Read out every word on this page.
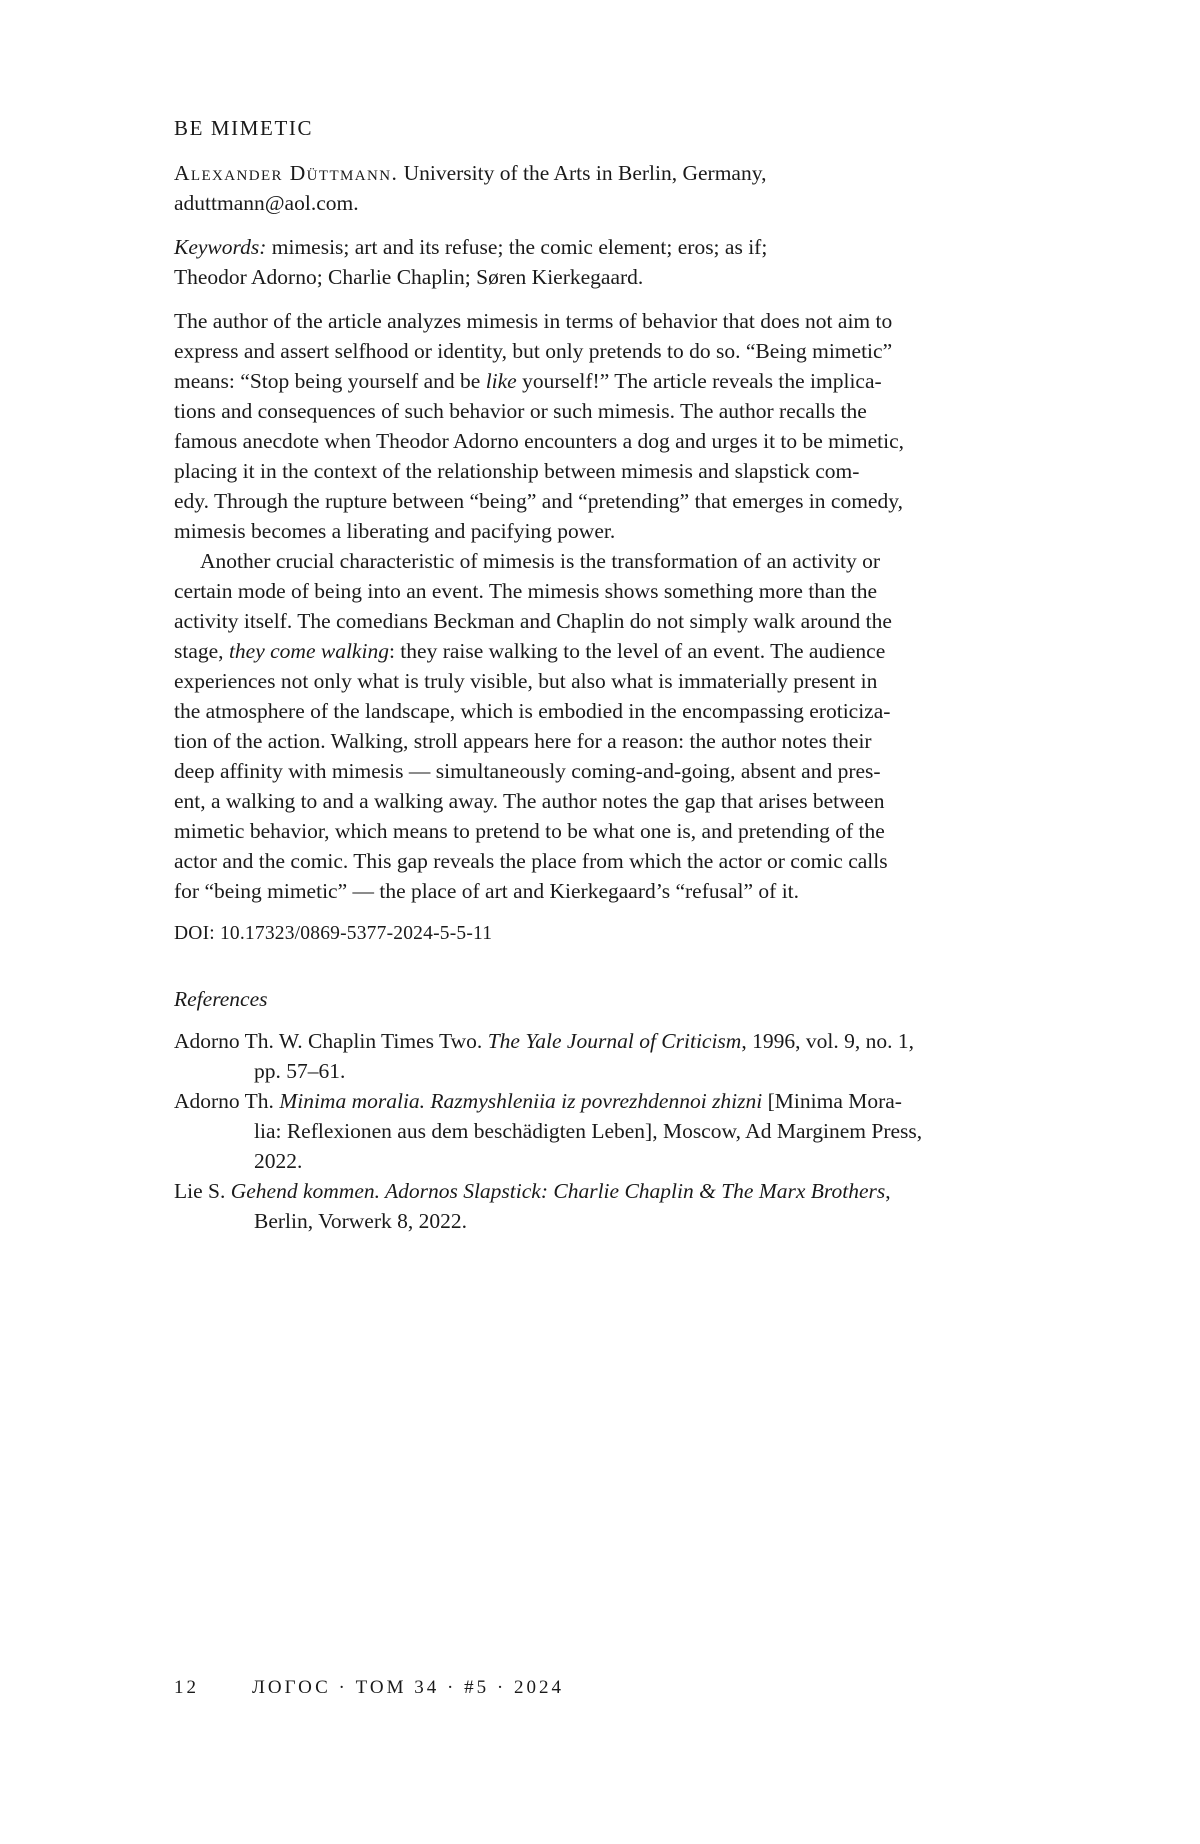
BE MIMETIC

Alexander Düttmann. University of the Arts in Berlin, Germany,
aduttmann@aol.com.

Keywords: mimesis; art and its refuse; the comic element; eros; as if;
Theodor Adorno; Charlie Chaplin; Søren Kierkegaard.

The author of the article analyzes mimesis in terms of behavior that does not aim to
express and assert selfhood or identity, but only pretends to do so. “Being mimetic”
means: “Stop being yourself and be like yourself!” The article reveals the implica-
tions and consequences of such behavior or such mimesis. The author recalls the
famous anecdote when Theodor Adorno encounters a dog and urges it to be mimetic,
placing it in the context of the relationship between mimesis and slapstick com-
edy. Through the rupture between “being” and “pretending” that emerges in comedy,
mimesis becomes a liberating and pacifying power.
Another crucial characteristic of mimesis is the transformation of an activity or
certain mode of being into an event. The mimesis shows something more than the
activity itself. The comedians Beckman and Chaplin do not simply walk around the
stage, they come walking: they raise walking to the level of an event. The audience
experiences not only what is truly visible, but also what is immaterially present in
the atmosphere of the landscape, which is embodied in the encompassing eroticiza-
tion of the action. Walking, stroll appears here for a reason: the author notes their
deep affinity with mimesis — simultaneously coming-and-going, absent and pres-
ent, a walking to and a walking away. The author notes the gap that arises between
mimetic behavior, which means to pretend to be what one is, and pretending of the
actor and the comic. This gap reveals the place from which the actor or comic calls
for “being mimetic” — the place of art and Kierkegaard’s “refusal” of it.

DOI: 10.17323/0869-5377-2024-5-5-11

References

Adorno Th. W. Chaplin Times Two. The Yale Journal of Criticism, 1996, vol. 9, no. 1,
pp. 57–61.

Adorno Th. Minima moralia. Razmyshleniia iz povrezhdennoi zhizni [Minima Mora-
lia: Reflexionen aus dem beschädigten Leben], Moscow, Ad Marginem Press,
2022.

Lie S. Gehend kommen. Adornos Slapstick: Charlie Chaplin & The Marx Brothers,
Berlin, Vorwerk 8, 2022.

12	ЛОГОС · ТОМ 34 · #5 · 2024
